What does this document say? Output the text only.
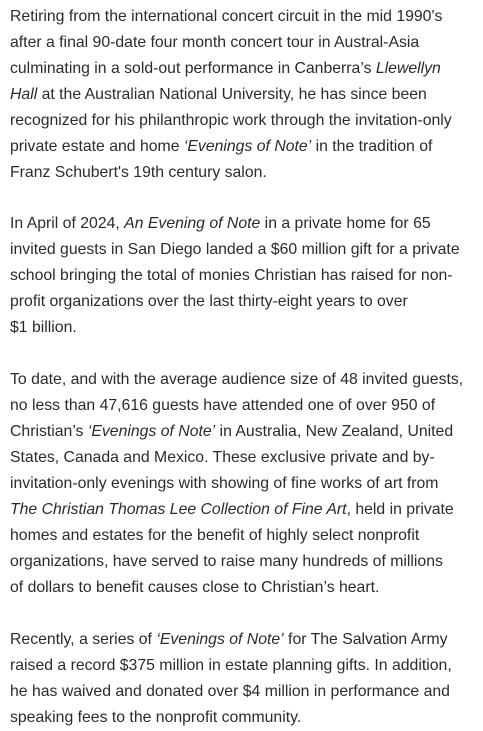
Retiring from the international concert circuit in the mid 1990's
after a final 90-date four month concert tour in Austral-Asia
culminating in a sold-out performance in Canberra’s Llewellyn
Hall at the Australian National University, he has since been
recognized for his philanthropic work through the invitation-only
private estate and home ‘Evenings of Note’ in the tradition of
Franz Schubert's 19th century salon.
In April of 2024, An Evening of Note in a private home for 65
invited guests in San Diego landed a $60 million gift for a private
school bringing the total of monies Christian has raised for non-
profit organizations over the last thirty-eight years to over
$1 billion.
To date, and with the average audience size of 48 invited guests,
no less than 47,616 guests have attended one of over 950 of
Christian’s ‘Evenings of Note’ in Australia, New Zealand, United
States, Canada and Mexico. These exclusive private and by-
invitation-only evenings with showing of fine works of art from
The Christian Thomas Lee Collection of Fine Art, held in private
homes and estates for the benefit of highly select nonprofit
organizations, have served to raise many hundreds of millions
of dollars to benefit causes close to Christian’s heart.
Recently, a series of ‘Evenings of Note’ for The Salvation Army
raised a record $375 million in estate planning gifts. In addition,
he has waived and donated over $4 million in performance and
speaking fees to the nonprofit community.
